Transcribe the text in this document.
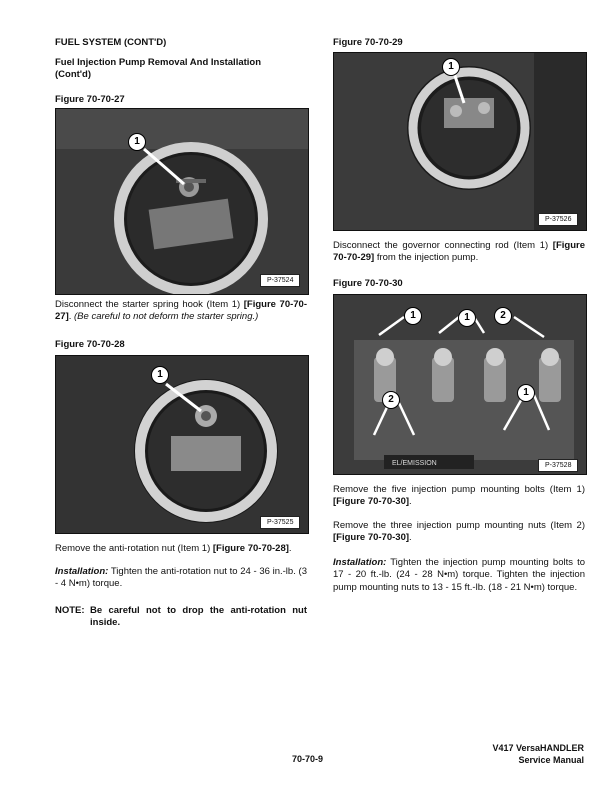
FUEL SYSTEM (CONT'D)
Fuel Injection Pump Removal And Installation
(Cont'd)
Figure 70-70-27
1
P-37524
Disconnect the starter spring hook (Item 1) [Figure 70-70-27]. (Be careful to not deform the starter spring.)
Figure 70-70-28
1
P-37525
Remove the anti-rotation nut (Item 1) [Figure 70-70-28].
Installation: Tighten the anti-rotation nut to 24 - 36 in.-lb. (3 - 4 N•m) torque.
NOTE: Be careful not to drop the anti-rotation nut inside.
Figure 70-70-29
1
P-37526
Disconnect the governor connecting rod (Item 1) [Figure 70-70-29] from the injection pump.
Figure 70-70-30
EL/EMISSION
1	1	2
2
1
P-37528
Remove the five injection pump mounting bolts (Item 1) [Figure 70-70-30].
Remove the three injection pump mounting nuts (Item 2) [Figure 70-70-30].
Installation: Tighten the injection pump mounting bolts to 17 - 20 ft.-lb. (24 - 28 N•m) torque. Tighten the injection pump mounting nuts to 13 - 15 ft.-lb. (18 - 21 N•m) torque.
70-70-9
V417 VersaHANDLER
Service Manual
